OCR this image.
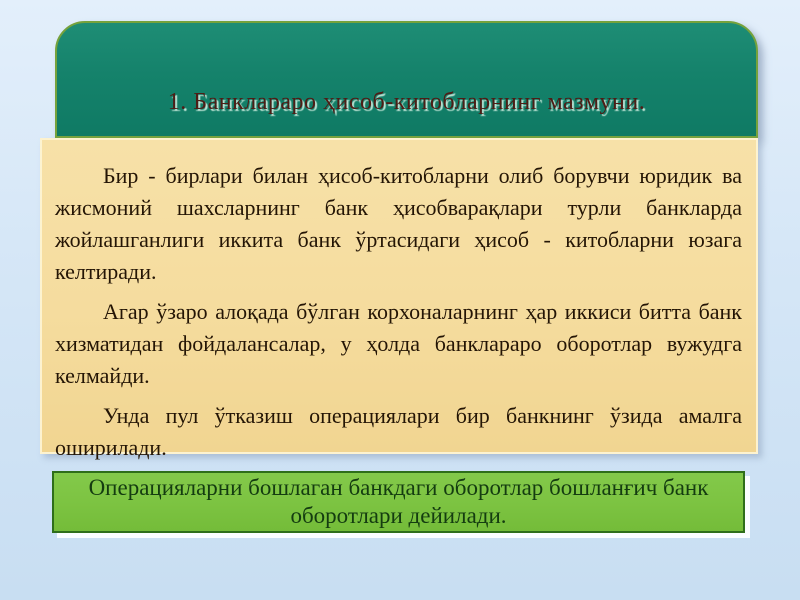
1. Банклараро ҳисоб-китобларнинг мазмуни.

Бир - бирлари билан ҳисоб-китобларни олиб борувчи юридик ва жисмоний шахсларнинг банк ҳисобварақлари турли банкларда жойлашганлиги иккита банк ўртасидаги ҳисоб - китобларни юзага келтиради.

Агар ўзаро алоқада бўлган корхоналарнинг ҳар иккиси битта банк хизматидан фойдалансалар, у ҳолда банклараро оборотлар вужудга келмайди.

Унда пул ўтказиш операциялари бир банкнинг ўзида амалга оширилади.

Операцияларни бошлаган банкдаги оборотлар бошланғич банк оборотлари дейилади.
